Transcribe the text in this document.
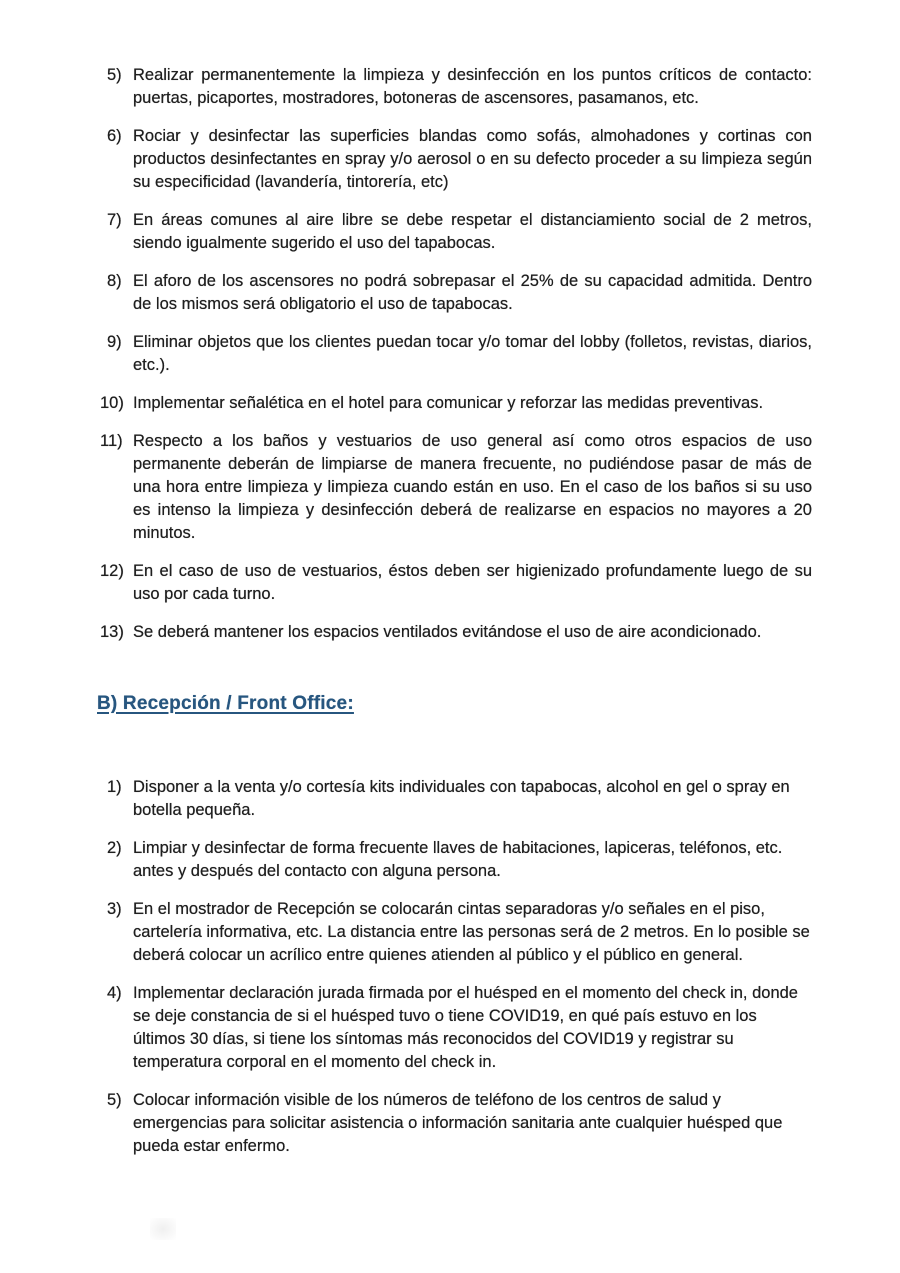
5) Realizar permanentemente la limpieza y desinfección en los puntos críticos de contacto: puertas, picaportes, mostradores, botoneras de ascensores, pasamanos, etc.
6) Rociar y desinfectar las superficies blandas como sofás, almohadones y cortinas con productos desinfectantes en spray y/o aerosol o en su defecto proceder a su limpieza según su especificidad (lavandería, tintorería, etc)
7) En áreas comunes al aire libre se debe respetar el distanciamiento social de 2 metros, siendo igualmente sugerido el uso del tapabocas.
8) El aforo de los ascensores no podrá sobrepasar el 25% de su capacidad admitida. Dentro de los mismos será obligatorio el uso de tapabocas.
9) Eliminar objetos que los clientes puedan tocar y/o tomar del lobby (folletos, revistas, diarios, etc.).
10) Implementar señalética en el hotel para comunicar y reforzar las medidas preventivas.
11) Respecto a los baños y vestuarios de uso general así como otros espacios de uso permanente deberán de limpiarse de manera frecuente, no pudiéndose pasar de más de una hora entre limpieza y limpieza cuando están en uso. En el caso de los baños si su uso es intenso la limpieza y desinfección deberá de realizarse en espacios no mayores a 20 minutos.
12) En el caso de uso de vestuarios, éstos deben ser higienizado profundamente luego de su uso por cada turno.
13) Se deberá mantener los espacios ventilados evitándose el uso de aire acondicionado.
B) Recepción / Front Office:
1) Disponer a la venta y/o cortesía kits individuales con tapabocas, alcohol en gel o spray en botella pequeña.
2) Limpiar y desinfectar de forma frecuente llaves de habitaciones, lapiceras, teléfonos, etc. antes y después del contacto con alguna persona.
3) En el mostrador de Recepción se colocarán cintas separadoras y/o señales en el piso, cartelería informativa, etc. La distancia entre las personas será de 2 metros. En lo posible se deberá colocar un acrílico entre quienes atienden al público y el público en general.
4) Implementar declaración jurada firmada por el huésped en el momento del check in, donde se deje constancia de si el huésped tuvo o tiene COVID19, en qué país estuvo en los últimos 30 días, si tiene los síntomas más reconocidos del COVID19 y registrar su temperatura corporal en el momento del check in.
5) Colocar información visible de los números de teléfono de los centros de salud y emergencias para solicitar asistencia o información sanitaria ante cualquier huésped que pueda estar enfermo.
